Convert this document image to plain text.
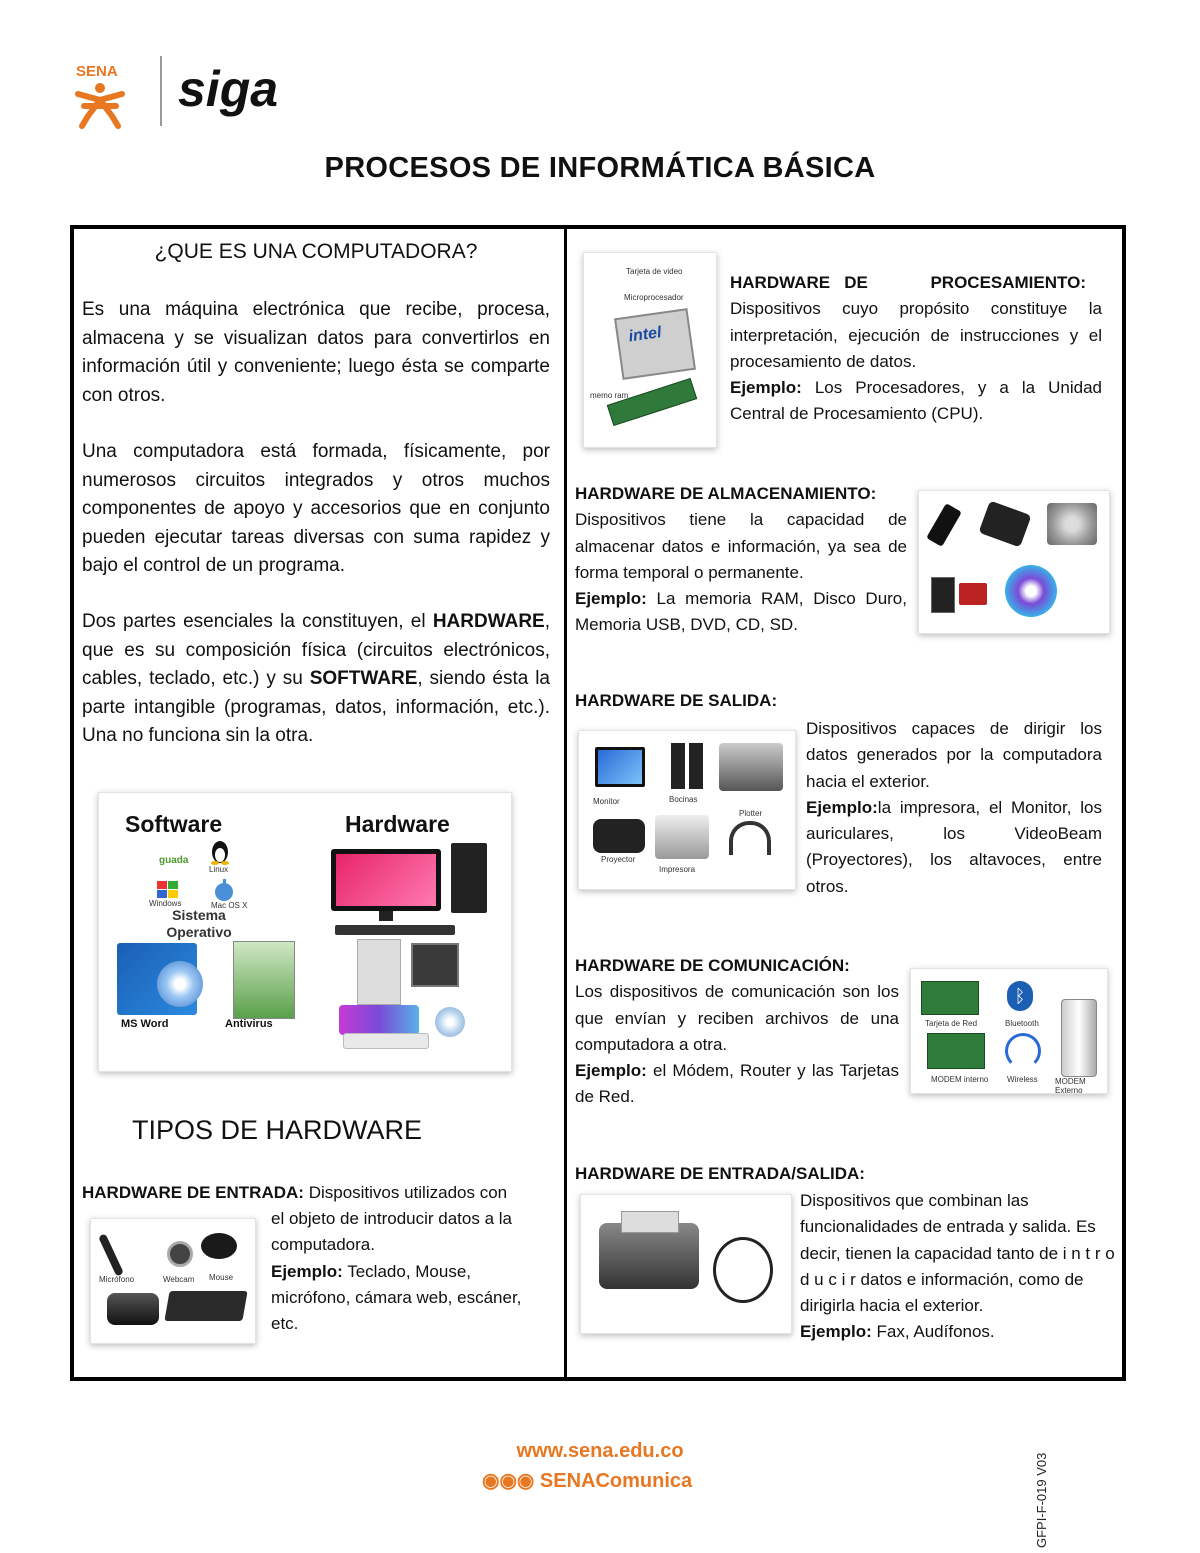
SENA siga
PROCESOS DE INFORMÁTICA BÁSICA
¿QUE ES UNA COMPUTADORA?
Es una máquina electrónica que recibe, procesa, almacena y se visualizan datos para convertirlos en información útil y conveniente; luego ésta se comparte con otros.
Una computadora está formada, físicamente, por numerosos circuitos integrados y otros muchos componentes de apoyo y accesorios que en conjunto pueden ejecutar tareas diversas con suma rapidez y bajo el control de un programa.
Dos partes esenciales la constituyen, el HARDWARE, que es su composición física (circuitos electrónicos, cables, teclado, etc.) y su SOFTWARE, siendo ésta la parte intangible (programas, datos, información, etc.). Una no funciona sin la otra.
Software	Hardware
guada
Linux
Windows	Mac OS X
Sistema Operativo
MS Word	Antivirus
TIPOS DE HARDWARE
HARDWARE DE ENTRADA: Dispositivos utilizados con
el objeto de introducir datos a la computadora.
Ejemplo: Teclado, Mouse, micrófono, cámara web, escáner, etc.
Micrófono	Webcam Mouse
Tarjeta de video
Microprocesador
intel
memo ram
HARDWARE   DE	PROCESAMIENTO:
Dispositivos cuyo propósito constituye la interpretación, ejecución de instrucciones y el procesamiento de datos.
Ejemplo: Los Procesadores, y a la Unidad Central de Procesamiento (CPU).
HARDWARE DE ALMACENAMIENTO:
Dispositivos tiene la capacidad de almacenar datos e información, ya sea de forma temporal o permanente.
Ejemplo: La memoria RAM, Disco Duro, Memoria USB, DVD, CD, SD.
HARDWARE DE SALIDA:
Monitor	Bocinas
Plotter
Proyector
Impresora
Dispositivos capaces de dirigir los datos generados por la computadora hacia el exterior.
Ejemplo:la impresora, el Monitor, los auriculares, los VideoBeam (Proyectores), los altavoces, entre otros.
HARDWARE DE COMUNICACIÓN:
Los dispositivos de comunicación son los que envían y reciben archivos de una computadora a otra.
Ejemplo: el Módem, Router y las Tarjetas de Red.
Tarjeta de Red
ᛒ
Bluetooth
MODEM Externo
MODEM interno Wireless
HARDWARE DE ENTRADA/SALIDA:
Dispositivos que combinan las funcionalidades de entrada y salida. Es decir, tienen la capacidad tanto de i n t r o d u c i r datos e información, como de dirigirla hacia el exterior.
Ejemplo: Fax, Audífonos.
www.sena.edu.co
◉◉◉ SENAComunica	GFPI-F-019 V03
